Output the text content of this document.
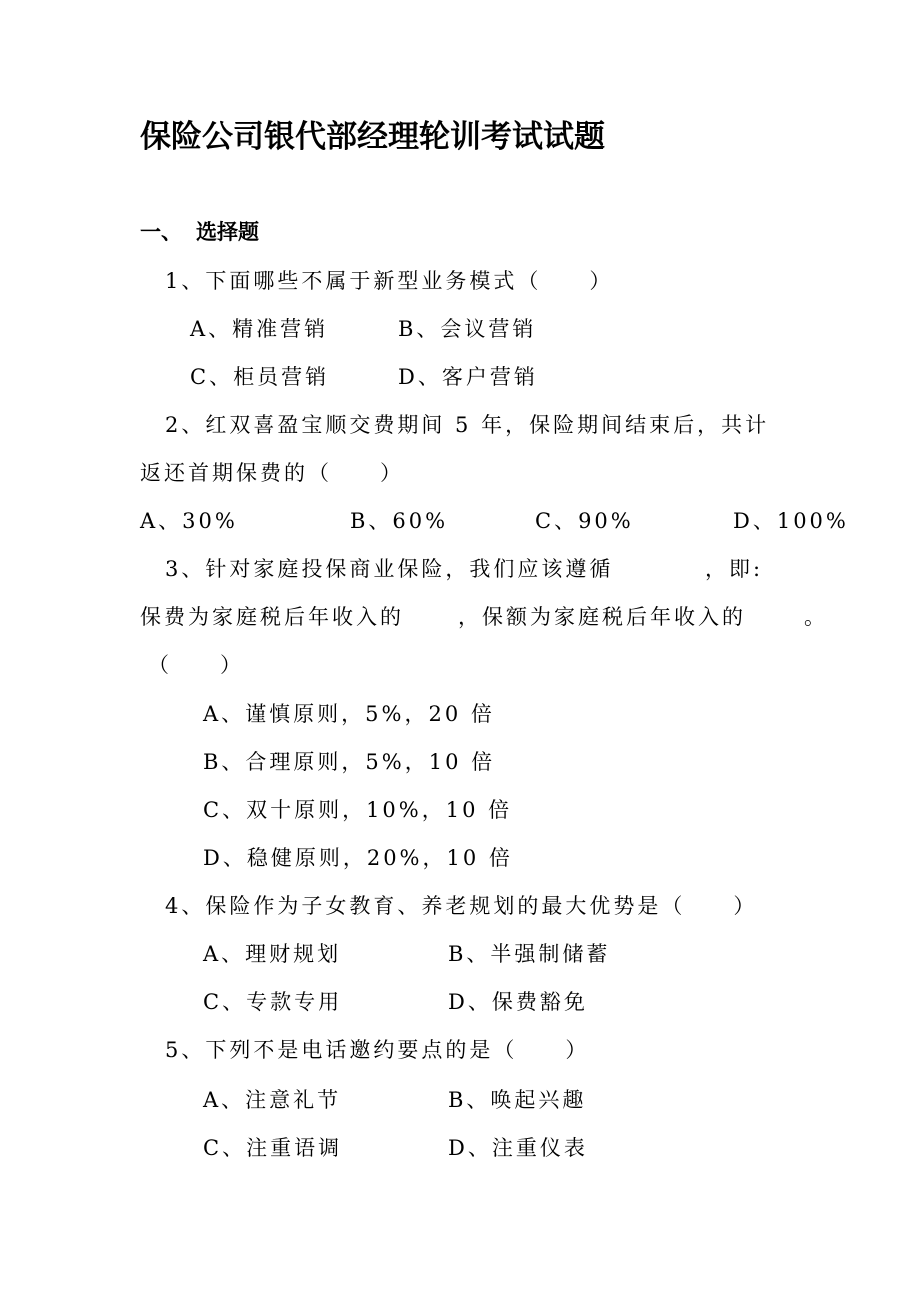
保险公司银代部经理轮训考试试题
一、 选择题
1、下面哪些不属于新型业务模式（　　）
A、精准营销	B、会议营销
C、柜员营销	D、客户营销
2、红双喜盈宝顺交费期间 5 年，保险期间结束后，共计
返还首期保费的（　　）
A、30%	B、60%	C、90%	D、100%
3、针对家庭投保商业保险，我们应该遵循	，即:
保费为家庭税后年收入的	，保额为家庭税后年收入的	。
（　　）
A、谨慎原则，5%，20 倍
B、合理原则，5%，10 倍
C、双十原则，10%，10 倍
D、稳健原则，20%，10 倍
4、保险作为子女教育、养老规划的最大优势是（　　）
A、理财规划	B、半强制储蓄
C、专款专用	D、保费豁免
5、下列不是电话邀约要点的是（　　）
A、注意礼节	B、唤起兴趣
C、注重语调	D、注重仪表
